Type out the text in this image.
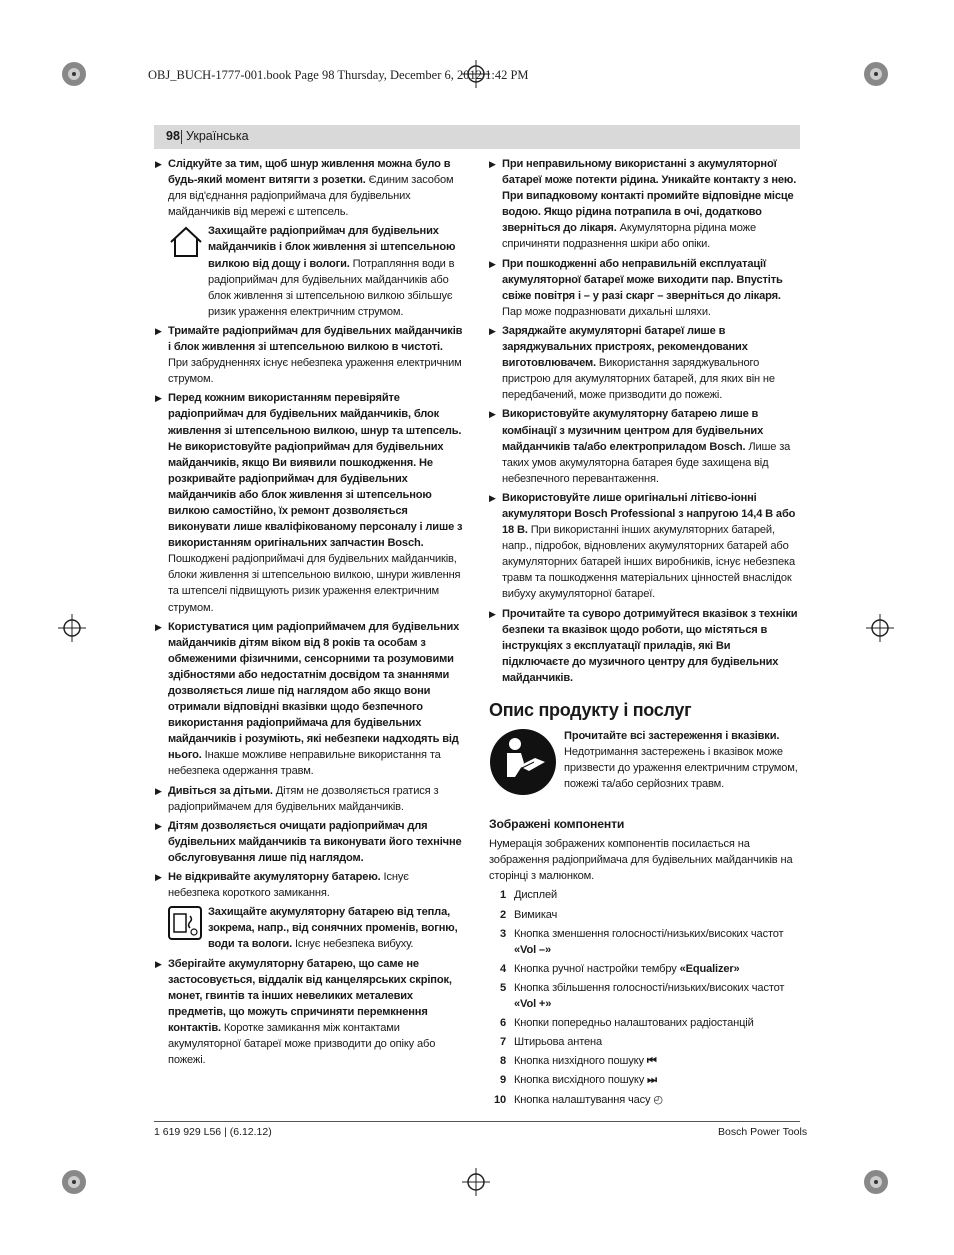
OBJ_BUCH-1777-001.book Page 98 Thursday, December 6, 2012 1:42 PM
98 Українська
▶ Слідкуйте за тим, щоб шнур живлення можна було в будь-який момент витягти з розетки. Єдиним засобом для від'єднання радіоприймача для будівельних майданчиків від мережі є штепсель.
Захищайте радіоприймач для будівельних майданчиків і блок живлення зі штепсельною вилкою від дощу і вологи. Потрапляння води в радіоприймач для будівельних майданчиків або блок живлення зі штепсельною вилкою збільшує ризик ураження електричним струмом.
▶ Тримайте радіоприймач для будівельних майданчиків і блок живлення зі штепсельною вилкою в чистоті. При забрудненнях існує небезпека ураження електричним струмом.
▶ Перед кожним використанням перевіряйте радіоприймач для будівельних майданчиків, блок живлення зі штепсельною вилкою, шнур та штепсель. Не використовуйте радіоприймач для будівельних майданчиків, якщо Ви виявили пошкодження. Не розкривайте радіоприймач для будівельних майданчиків або блок живлення зі штепсельною вилкою самостійно, їх ремонт дозволяється виконувати лише кваліфікованому персоналу і лише з використанням оригінальних запчастин Bosch. Пошкоджені радіоприймачі для будівельних майданчиків, блоки живлення зі штепсельною вилкою, шнури живлення та штепселі підвищують ризик ураження електричним струмом.
▶ Користуватися цим радіоприймачем для будівельних майданчиків дітям віком від 8 років та особам з обмеженими фізичними, сенсорними та розумовими здібностями або недостатнім досвідом та знаннями дозволяється лише під наглядом або якщо вони отримали відповідні вказівки щодо безпечного використання радіоприймача для будівельних майданчиків і розуміють, які небезпеки надходять від нього. Інакше можливе неправильне використання та небезпека одержання травм.
▶ Дивіться за дітьми. Дітям не дозволяється гратися з радіоприймачем для будівельних майданчиків.
▶ Дітям дозволяється очищати радіоприймач для будівельних майданчиків та виконувати його технічне обслуговування лише під наглядом.
▶ Не відкривайте акумуляторну батарею. Існує небезпека короткого замикання.
Захищайте акумуляторну батарею від тепла, зокрема, напр., від сонячних променів, вогню, води та вологи. Існує небезпека вибуху.
▶ Зберігайте акумуляторну батарею, що саме не застосовується, віддалік від канцелярських скріпок, монет, гвинтів та інших невеликих металевих предметів, що можуть спричиняти перемкнення контактів. Коротке замикання між контактами акумуляторної батареї може призводити до опіку або пожежі.
▶ При неправильному використанні з акумуляторної батареї може потекти рідина. Уникайте контакту з нею. При випадковому контакті промийте відповідне місце водою. Якщо рідина потрапила в очі, додатково зверніться до лікаря. Акумуляторна рідина може спричиняти подразнення шкіри або опіки.
▶ При пошкодженні або неправильній експлуатації акумуляторної батареї може виходити пар. Впустіть свіже повітря і – у разі скарг – зверніться до лікаря. Пар може подразнювати дихальні шляхи.
▶ Заряджайте акумуляторні батареї лише в заряджувальних пристроях, рекомендованих виготовлювачем. Використання заряджувального пристрою для акумуляторних батарей, для яких він не передбачений, може призводити до пожежі.
▶ Використовуйте акумуляторну батарею лише в комбінації з музичним центром для будівельних майданчиків та/або електроприладом Bosch. Лише за таких умов акумуляторна батарея буде захищена від небезпечного перевантаження.
▶ Використовуйте лише оригінальні літієво-іонні акумулятори Bosch Professional з напругою 14,4 В або 18 В. При використанні інших акумуляторних батарей, напр., підробок, відновлених акумуляторних батарей або акумуляторних батарей інших виробників, існує небезпека травм та пошкодження матеріальних цінностей внаслідок вибуху акумуляторної батареї.
▶ Прочитайте та суворо дотримуйтеся вказівок з техніки безпеки та вказівок щодо роботи, що містяться в інструкціях з експлуатації приладів, які Ви підключаєте до музичного центру для будівельних майданчиків.
Опис продукту і послуг
Прочитайте всі застереження і вказівки. Недотримання застережень і вказівок може призвести до ураження електричним струмом, пожежі та/або серйозних травм.
Зображені компоненти
Нумерація зображених компонентів посилається на зображення радіоприймача для будівельних майданчиків на сторінці з малюнком.
1 Дисплей
2 Вимикач
3 Кнопка зменшення голосності/низьких/високих частот «Vol –»
4 Кнопка ручної настройки тембру «Equalizer»
5 Кнопка збільшення голосності/низьких/високих частот «Vol +»
6 Кнопки попередньо налаштованих радіостанцій
7 Штирьова антена
8 Кнопка низхідного пошуку ⏮
9 Кнопка висхідного пошуку ⏭
10 Кнопка налаштування часу ◴
1 619 929 L56 | (6.12.12)	Bosch Power Tools
